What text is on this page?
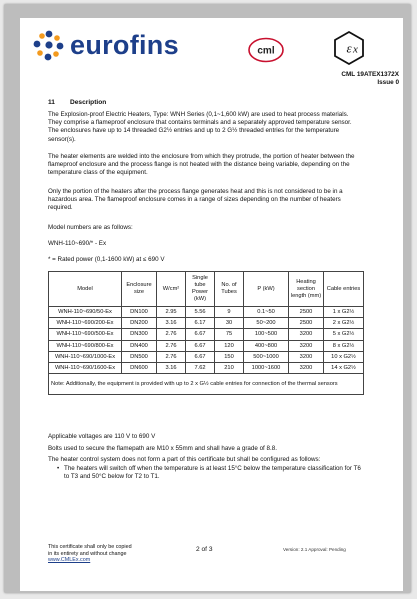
eurofins	cml	ε x
CML 19ATEX1372X
Issue 0
11 Description
The Explosion-proof Electric Heaters, Type: WNH Series (0,1~1,600 kW) are used to heat process materials. They comprise a flameproof enclosure that contains terminals and a separately approved temperature sensor. The enclosures have up to 14 threaded G2½ entries and up to 2 G½ threaded entries for the temperature sensor(s).
The heater elements are welded into the enclosure from which they protrude, the portion of heater between the flameproof enclosure and the process flange is not heated with the distance being variable, depending on the temperature class of the equipment.
Only the portion of the heaters after the process flange generates heat and this is not considered to be in a hazardous area. The flameproof enclosure comes in a range of sizes depending on the number of heaters required.
Model numbers are as follows:
WNH-110~690/* - Ex
* = Rated power (0,1-1600 kW) at ≤ 690 V
Model	Enclosure size	W/cm²	Single tube Power (kW)	No. of Tubes	P (kW)	Heating section length (mm)	Cable entries
WNH-110~690/50-Ex	DN100	2.95	5.56	9	0.1~50	2500	1 x G2½
WNH-110~690/200-Ex	DN200	3.16	6.17	30	50~200	2500	2 x G2½
WNH-110~690/500-Ex	DN300	2.76	6.67	75	100~500	3200	5 x G2½
WNH-110~690/800-Ex	DN400	2.76	6.67	120	400~800	3200	8 x G2½
WNH-110~690/1000-Ex	DN500	2.76	6.67	150	500~1000	3200	10 x G2½
WNH-110~690/1600-Ex	DN600	3.16	7.62	210	1000~1600	3200	14 x G2½
Note: Additionally, the equipment is provided with up to 2 x G½ cable entries for connection of the thermal sensors							
Applicable voltages are 110 V to 690 V
Bolts used to secure the flamepath are M10 x 55mm and shall have a grade of 8.8.
The heater control system does not form a part of this certificate but shall be configured as follows:
• The heaters will switch off when the temperature is at least 15°C below the temperature classification for T6 to T3 and 50°C below for T2 to T1.
This certificate shall only be copied
in its entirety and without change
www.CMLEx.com
2 of 3	Version: 2.1 Approval: Pending
